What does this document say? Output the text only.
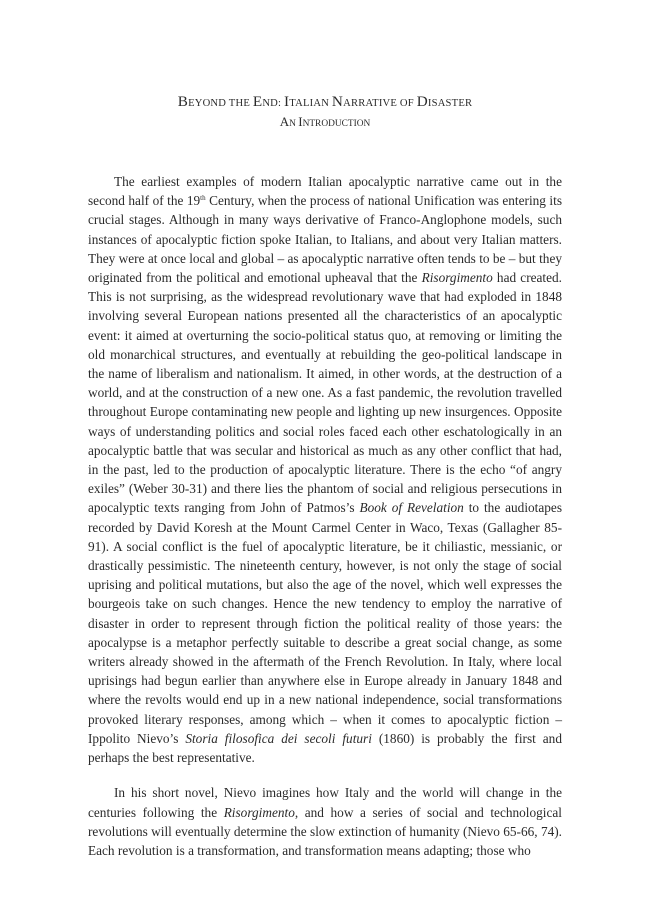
BEYOND THE END: ITALIAN NARRATIVE OF DISASTER
AN INTRODUCTION

The earliest examples of modern Italian apocalyptic narrative came out in the second half of the 19th Century, when the process of national Unification was entering its crucial stages. Although in many ways derivative of Franco-Anglophone models, such instances of apocalyptic fiction spoke Italian, to Italians, and about very Italian matters. They were at once local and global – as apocalyptic narrative often tends to be – but they originated from the political and emotional upheaval that the Risorgimento had created. This is not surprising, as the widespread revolutionary wave that had exploded in 1848 involving several European nations presented all the characteristics of an apocalyptic event: it aimed at overturning the socio-political status quo, at removing or limiting the old monarchical structures, and eventually at rebuilding the geo-political landscape in the name of liberalism and nationalism. It aimed, in other words, at the destruction of a world, and at the construction of a new one. As a fast pandemic, the revolution travelled throughout Europe contaminating new people and lighting up new insurgences. Opposite ways of understanding politics and social roles faced each other eschatologically in an apocalyptic battle that was secular and historical as much as any other conflict that had, in the past, led to the production of apocalyptic literature. There is the echo “of angry exiles” (Weber 30-31) and there lies the phantom of social and religious persecutions in apocalyptic texts ranging from John of Patmos’s Book of Revelation to the audiotapes recorded by David Koresh at the Mount Carmel Center in Waco, Texas (Gallagher 85-91). A social conflict is the fuel of apocalyptic literature, be it chiliastic, messianic, or drastically pessimistic. The nineteenth century, however, is not only the stage of social uprising and political mutations, but also the age of the novel, which well expresses the bourgeois take on such changes. Hence the new tendency to employ the narrative of disaster in order to represent through fiction the political reality of those years: the apocalypse is a metaphor perfectly suitable to describe a great social change, as some writers already showed in the aftermath of the French Revolution. In Italy, where local uprisings had begun earlier than anywhere else in Europe already in January 1848 and where the revolts would end up in a new national independence, social transformations provoked literary responses, among which – when it comes to apocalyptic fiction – Ippolito Nievo’s Storia filosofica dei secoli futuri (1860) is probably the first and perhaps the best representative.

In his short novel, Nievo imagines how Italy and the world will change in the centuries following the Risorgimento, and how a series of social and technological revolutions will eventually determine the slow extinction of humanity (Nievo 65-66, 74). Each revolution is a transformation, and transformation means adapting; those who
